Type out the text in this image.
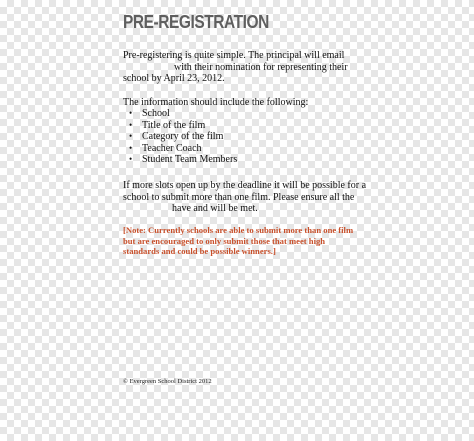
PRE-REGISTRATION
Pre-registering is quite simple. The principal will email
with their nomination for representing their
school by April 23, 2012.
The information should include the following:
• School
• Title of the film
• Category of the film
• Teacher Coach
• Student Team Members
If more slots open up by the deadline it will be possible for a
school to submit more than one film. Please ensure all the
have and will be met.
[Note: Currently schools are able to submit more than one film
but are encouraged to only submit those that meet high
standards and could be possible winners.]
© Evergreen School District 2012
